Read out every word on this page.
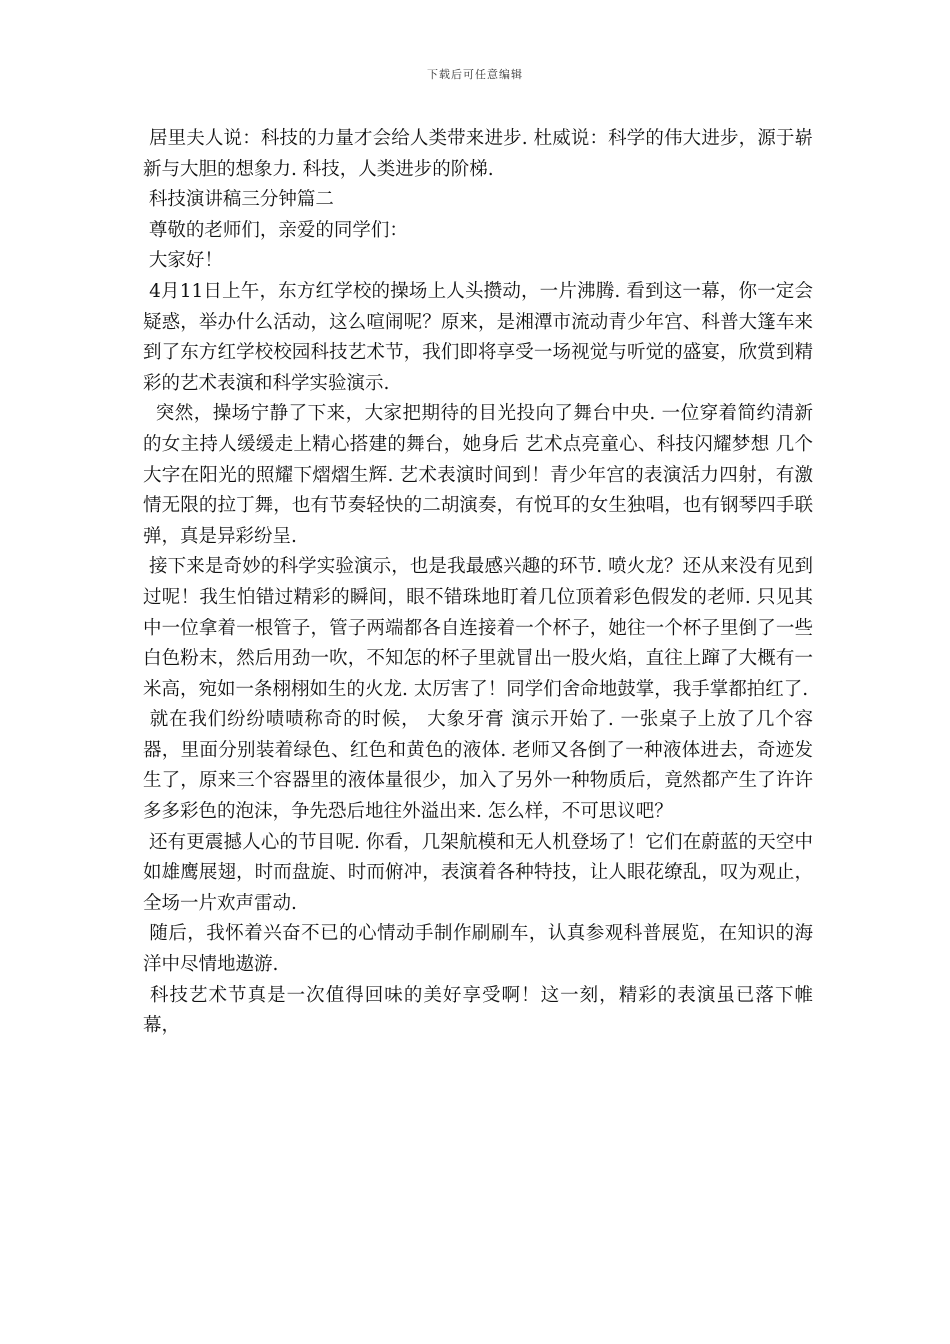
下载后可任意编辑

居里夫人说：科技的力量才会给人类带来进步. 杜威说：科学的伟大进步，源于崭新与大胆的想象力. 科技，人类进步的阶梯.

科技演讲稿三分钟篇二

尊敬的老师们，亲爱的同学们：

大家好！

4月11日上午，东方红学校的操场上人头攒动，一片沸腾. 看到这一幕，你一定会疑惑，举办什么活动，这么喧闹呢？原来，是湘潭市流动青少年宫、科普大篷车来到了东方红学校校园科技艺术节，我们即将享受一场视觉与听觉的盛宴，欣赏到精彩的艺术表演和科学实验演示.

突然，操场宁静了下来，大家把期待的目光投向了舞台中央. 一位穿着简约清新的女主持人缓缓走上精心搭建的舞台，她身后 艺术点亮童心、科技闪耀梦想 几个大字在阳光的照耀下熠熠生辉. 艺术表演时间到！青少年宫的表演活力四射，有激情无限的拉丁舞，也有节奏轻快的二胡演奏，有悦耳的女生独唱，也有钢琴四手联弹，真是异彩纷呈.

接下来是奇妙的科学实验演示，也是我最感兴趣的环节. 喷火龙？还从来没有见到过呢！我生怕错过精彩的瞬间，眼不错珠地盯着几位顶着彩色假发的老师. 只见其中一位拿着一根管子，管子两端都各自连接着一个杯子，她往一个杯子里倒了一些白色粉末，然后用劲一吹，不知怎的杯子里就冒出一股火焰，直往上蹿了大概有一米高，宛如一条栩栩如生的火龙. 太厉害了！同学们舍命地鼓掌，我手掌都拍红了.

就在我们纷纷啧啧称奇的时候， 大象牙膏 演示开始了. 一张桌子上放了几个容器，里面分别装着绿色、红色和黄色的液体. 老师又各倒了一种液体进去，奇迹发生了，原来三个容器里的液体量很少，加入了另外一种物质后，竟然都产生了许许多多彩色的泡沫，争先恐后地往外溢出来. 怎么样，不可思议吧？

还有更震撼人心的节目呢. 你看，几架航模和无人机登场了！它们在蔚蓝的天空中如雄鹰展翅，时而盘旋、时而俯冲，表演着各种特技，让人眼花缭乱，叹为观止，全场一片欢声雷动.

随后，我怀着兴奋不已的心情动手制作刷刷车，认真参观科普展览，在知识的海洋中尽情地遨游.

科技艺术节真是一次值得回味的美好享受啊！这一刻，精彩的表演虽已落下帷幕，
